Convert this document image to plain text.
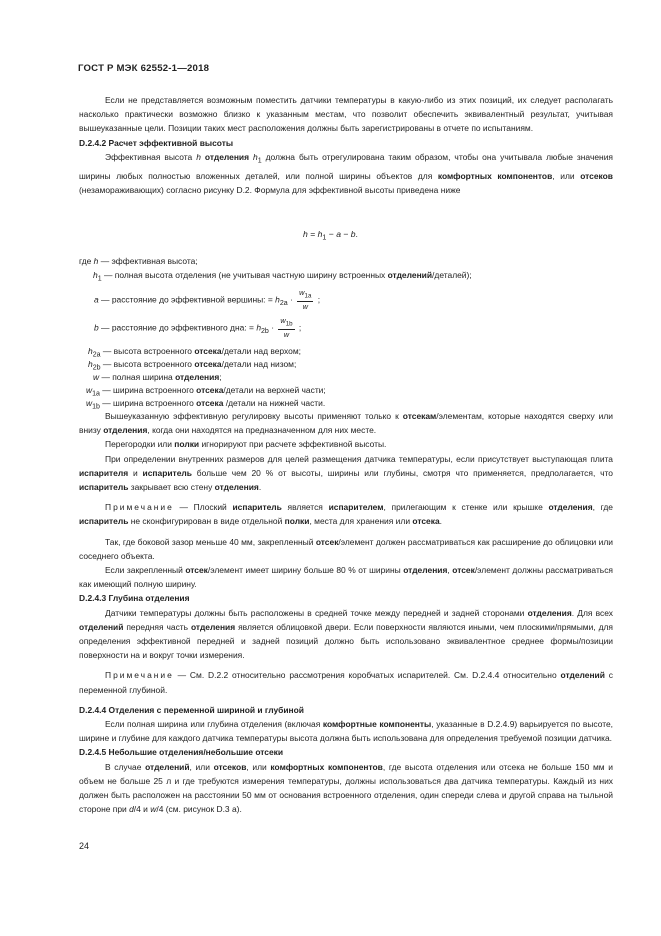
ГОСТ Р МЭК 62552-1—2018

Если не представляется возможным поместить датчики температуры в какую-либо из этих позиций, их следует располагать насколько практически возможно близко к указанным местам, что позволит обеспечить эквивалентный результат, учитывая вышеуказанные цели. Позиции таких мест расположения должны быть зарегистрированы в отчете по испытаниям.

D.2.4.2 Расчет эффективной высоты

Эффективная высота h отделения $h_1$ должна быть отрегулирована таким образом, чтобы она учитывала любые значения ширины любых полностью вложенных деталей, или полной ширины объектов для комфортных компонентов, или отсеков (незамораживающих) согласно рисунку D.2. Формула для эффективной высоты приведена ниже

$h = h_1 - a - b$.
где h — эффективная высота;
$h_1$ — полная высота отделения (не учитывая частную ширину встроенных отделений/деталей);
a — расстояние до эффективной вершины: = $h_{2a} \cdot \frac{w_{1a}}{w}$ ;
b — расстояние до эффективного дна: = $h_{2b} \cdot \frac{w_{1b}}{w}$ ;
$h_{2a}$ — высота встроенного отсека/детали над верхом;
$h_{2b}$ — высота встроенного отсека/детали над низом;
w — полная ширина отделения;
$w_{1a}$ — ширина встроенного отсека/детали на верхней части;
$w_{1b}$ — ширина встроенного отсека /детали на нижней части.

Вышеуказанную эффективную регулировку высоты применяют только к отсекам/элементам, которые находятся сверху или внизу отделения, когда они находятся на предназначенном для них месте.

Перегородки или полки игнорируют при расчете эффективной высоты.

При определении внутренних размеров для целей размещения датчика температуры, если присутствует выступающая плита испарителя и испаритель больше чем 20 % от высоты, ширины или глубины, смотря что применяется, предполагается, что испаритель закрывает всю стену отделения.

Примечание — Плоский испаритель является испарителем, прилегающим к стенке или крышке отделения, где испаритель не сконфигурирован в виде отдельной полки, места для хранения или отсека.

Так, где боковой зазор меньше 40 мм, закрепленный отсек/элемент должен рассматриваться как расширение до облицовки или соседнего объекта.

Если закрепленный отсек/элемент имеет ширину больше 80 % от ширины отделения, отсек/элемент должны рассматриваться как имеющий полную ширину.

D.2.4.3 Глубина отделения

Датчики температуры должны быть расположены в средней точке между передней и задней сторонами отделения. Для всех отделений передняя часть отделения является облицовкой двери. Если поверхности являются иными, чем плоскими/прямыми, для определения эффективной передней и задней позиций должно быть использовано эквивалентное среднее формы/позиции поверхности на и вокруг точки измерения.

Примечание — См. D.2.2 относительно рассмотрения коробчатых испарителей. См. D.2.4.4 относительно отделений с переменной глубиной.

D.2.4.4 Отделения с переменной шириной и глубиной

Если полная ширина или глубина отделения (включая комфортные компоненты, указанные в D.2.4.9) варьируется по высоте, ширине и глубине для каждого датчика температуры высота должна быть использована для определения требуемой позиции датчика.

D.2.4.5 Небольшие отделения/небольшие отсеки

В случае отделений, или отсеков, или комфортных компонентов, где высота отделения или отсека не больше 150 мм и объем не больше 25 л и где требуются измерения температуры, должны использоваться два датчика температуры. Каждый из них должен быть расположен на расстоянии 50 мм от основания встроенного отделения, один спереди слева и другой справа на тыльной стороне при d/4 и w/4 (см. рисунок D.3 a).

24
